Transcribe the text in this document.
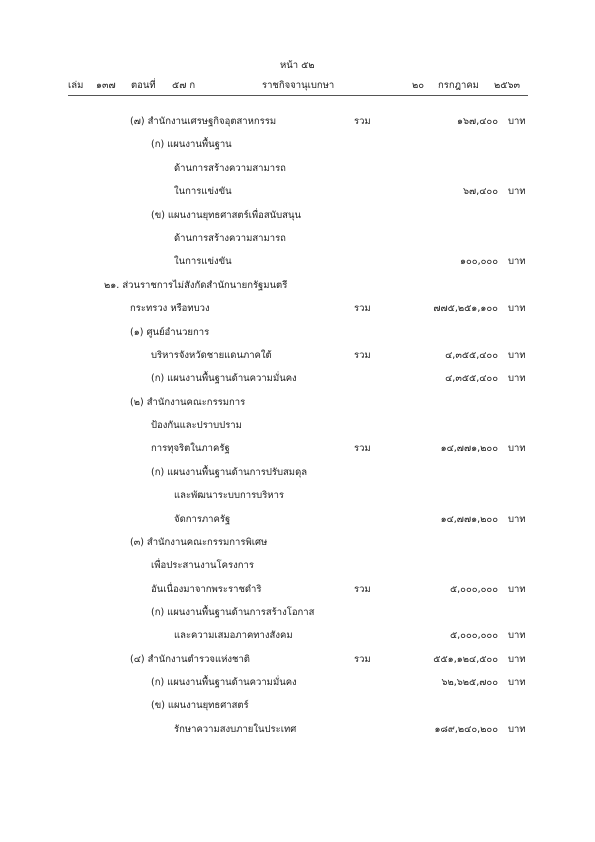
หน้า ๕๒
เล่ม ๑๓๗ ตอนที่ ๕๗ ก	ราชกิจจานุเบกษา	๒๐ กรกฎาคม ๒๕๖๓
(๗) สำนักงานเศรษฐกิจอุตสาหกรรม	รวม	๑๖๗,๔๐๐ บาท
(ก) แผนงานพื้นฐาน
ด้านการสร้างความสามารถ
ในการแข่งขัน	๖๗,๔๐๐ บาท
(ข) แผนงานยุทธศาสตร์เพื่อสนับสนุน
ด้านการสร้างความสามารถ
ในการแข่งขัน	๑๐๐,๐๐๐ บาท
๒๑. ส่วนราชการไม่สังกัดสำนักนายกรัฐมนตรี
กระทรวง หรือทบวง	รวม	๗๗๕,๒๕๑,๑๐๐ บาท
(๑) ศูนย์อำนวยการ
บริหารจังหวัดชายแดนภาคใต้	รวม	๔,๓๕๕,๔๐๐ บาท
(ก) แผนงานพื้นฐานด้านความมั่นคง	๔,๓๕๕,๔๐๐ บาท
(๒) สำนักงานคณะกรรมการ
ป้องกันและปราบปราม
การทุจริตในภาครัฐ	รวม	๑๔,๗๗๑,๒๐๐ บาท
(ก) แผนงานพื้นฐานด้านการปรับสมดุล
และพัฒนาระบบการบริหาร
จัดการภาครัฐ	๑๔,๗๗๑,๒๐๐ บาท
(๓) สำนักงานคณะกรรมการพิเศษ
เพื่อประสานงานโครงการ
อันเนื่องมาจากพระราชดำริ	รวม	๕,๐๐๐,๐๐๐ บาท
(ก) แผนงานพื้นฐานด้านการสร้างโอกาส
และความเสมอภาคทางสังคม	๕,๐๐๐,๐๐๐ บาท
(๔) สำนักงานตำรวจแห่งชาติ	รวม	๕๕๑,๑๒๔,๕๐๐ บาท
(ก) แผนงานพื้นฐานด้านความมั่นคง	๖๒,๖๒๕,๗๐๐ บาท
(ข) แผนงานยุทธศาสตร์
รักษาความสงบภายในประเทศ	๑๘๙,๒๔๐,๒๐๐ บาท
